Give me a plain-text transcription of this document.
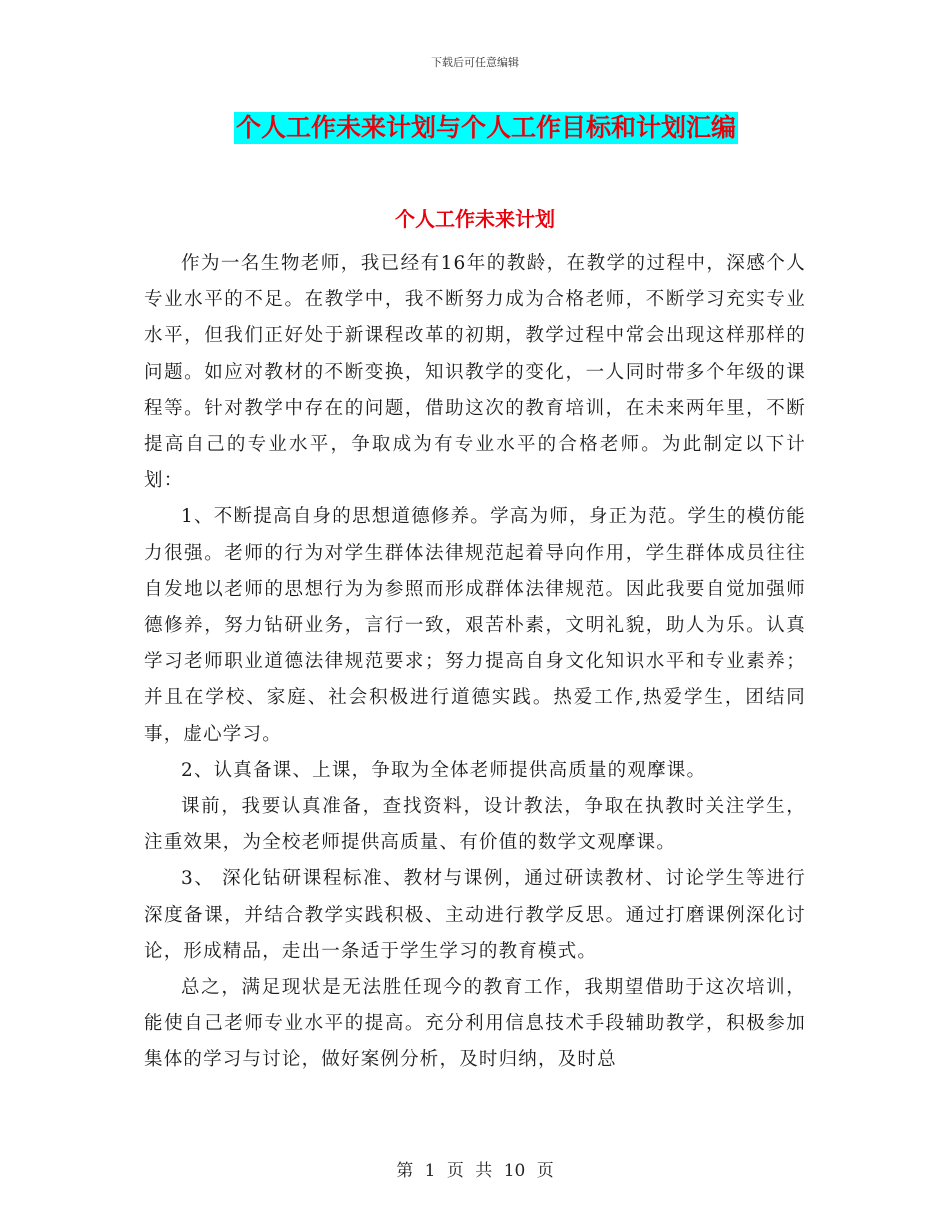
下载后可任意编辑
个人工作未来计划与个人工作目标和计划汇编
个人工作未来计划

作为一名生物老师，我已经有16年的教龄，在教学的过程中，深感个人专业水平的不足。在教学中，我不断努力成为合格老师，不断学习充实专业水平，但我们正好处于新课程改革的初期，教学过程中常会出现这样那样的问题。如应对教材的不断变换，知识教学的变化，一人同时带多个年级的课程等。针对教学中存在的问题，借助这次的教育培训，在未来两年里，不断提高自己的专业水平，争取成为有专业水平的合格老师。为此制定以下计划：

1、不断提高自身的思想道德修养。学高为师，身正为范。学生的模仿能力很强。老师的行为对学生群体法律规范起着导向作用，学生群体成员往往自发地以老师的思想行为为参照而形成群体法律规范。因此我要自觉加强师德修养，努力钻研业务，言行一致，艰苦朴素，文明礼貌，助人为乐。认真学习老师职业道德法律规范要求；努力提高自身文化知识水平和专业素养；并且在学校、家庭、社会积极进行道德实践。热爱工作,热爱学生，团结同事，虚心学习。

2、认真备课、上课，争取为全体老师提供高质量的观摩课。

课前，我要认真准备，查找资料，设计教法，争取在执教时关注学生，注重效果，为全校老师提供高质量、有价值的数学文观摩课。

3、 深化钻研课程标准、教材与课例，通过研读教材、讨论学生等进行深度备课，并结合教学实践积极、主动进行教学反思。通过打磨课例深化讨论，形成精品，走出一条适于学生学习的教育模式。

总之，满足现状是无法胜任现今的教育工作，我期望借助于这次培训，能使自己老师专业水平的提高。充分利用信息技术手段辅助教学，积极参加集体的学习与讨论，做好案例分析，及时归纳，及时总

第 1 页 共 10 页
